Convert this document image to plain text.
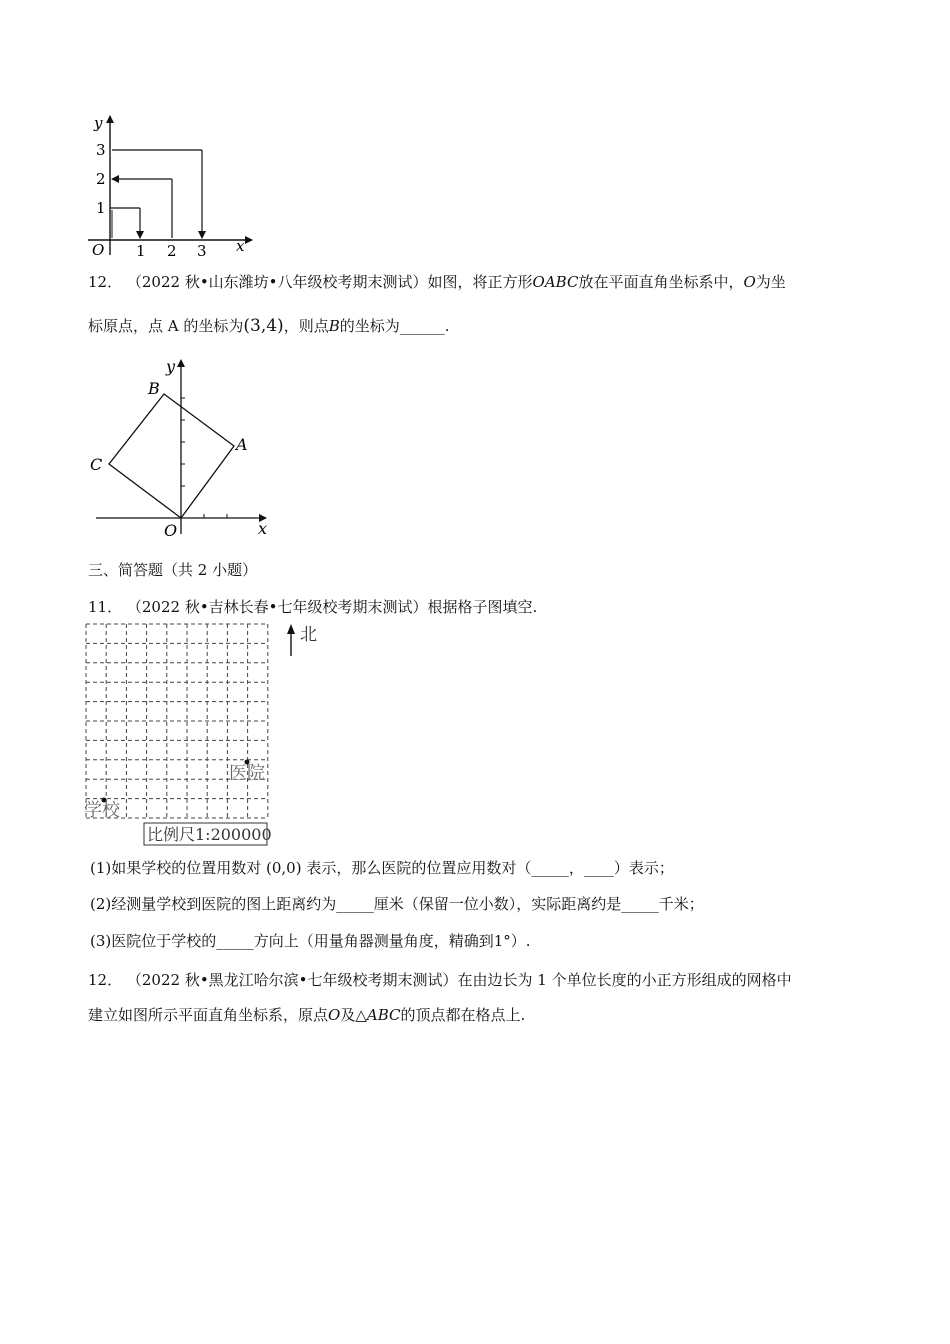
y
x
O
1
2
3
1 2 3
12． （2022 秋•山东潍坊•八年级校考期末测试）如图，将正方形OABC放在平面直角坐标系中，O为坐
标原点，点 A 的坐标为(3,4)，则点B的坐标为______.
B
A
C
O	x
y
三、简答题（共 2 小题）
11． （2022 秋•吉林长春•七年级校考期末测试）根据格子图填空.
北
医院
学校
比例尺1:200000
(1)如果学校的位置用数对 (0,0) 表示，那么医院的位置应用数对（_____，____）表示；
(2)经测量学校到医院的图上距离约为_____厘米（保留一位小数），实际距离约是_____千米；
(3)医院位于学校的_____方向上（用量角器测量角度，精确到1°）.
12． （2022 秋•黑龙江哈尔滨•七年级校考期末测试）在由边长为 1 个单位长度的小正方形组成的网格中
建立如图所示平面直角坐标系，原点O及△ABC的顶点都在格点上.
